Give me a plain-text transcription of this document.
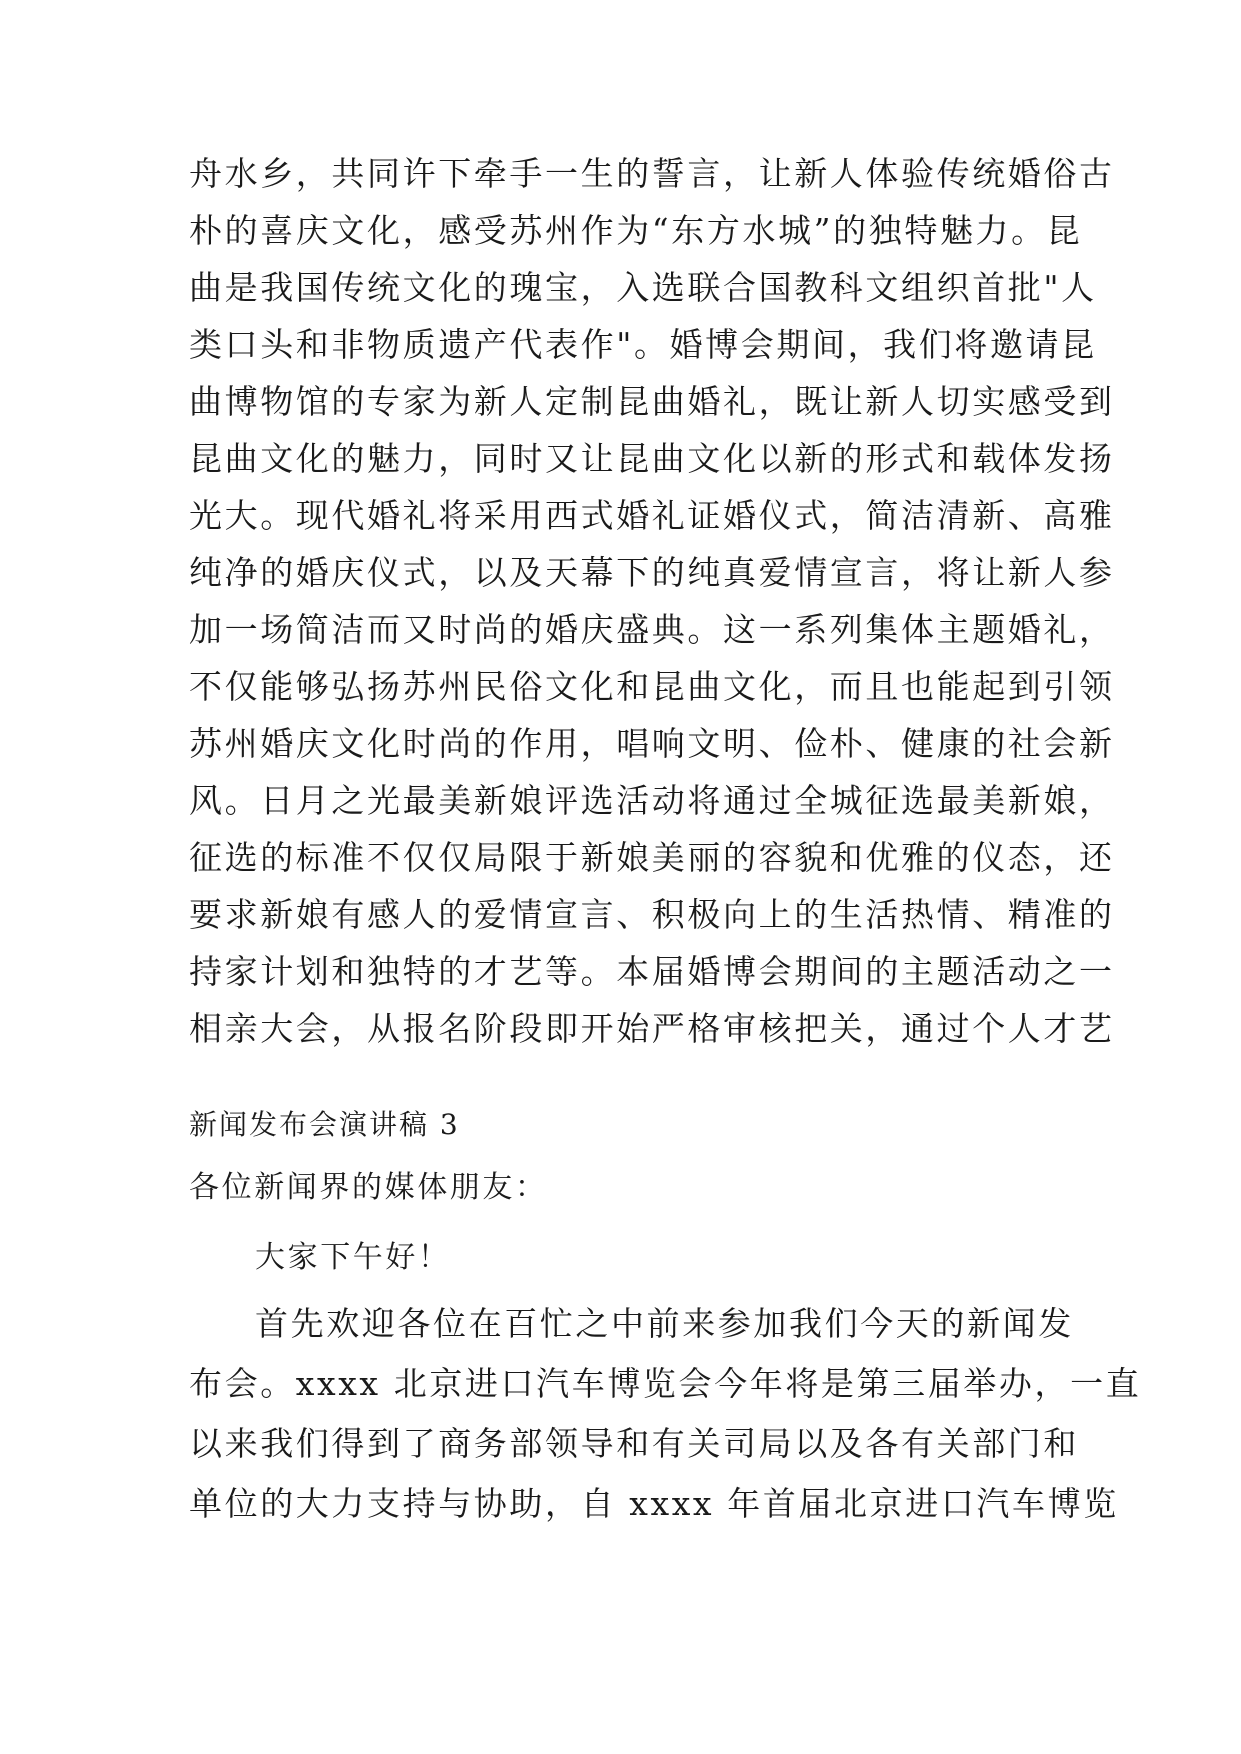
舟水乡，共同许下牵手一生的誓言，让新人体验传统婚俗古

朴的喜庆文化，感受苏州作为“东方水城”的独特魅力。昆

曲是我国传统文化的瑰宝，入选联合国教科文组织首批"人

类口头和非物质遗产代表作"。婚博会期间，我们将邀请昆

曲博物馆的专家为新人定制昆曲婚礼，既让新人切实感受到

昆曲文化的魅力，同时又让昆曲文化以新的形式和载体发扬

光大。现代婚礼将采用西式婚礼证婚仪式，简洁清新、高雅

纯净的婚庆仪式，以及天幕下的纯真爱情宣言，将让新人参

加一场简洁而又时尚的婚庆盛典。这一系列集体主题婚礼，

不仅能够弘扬苏州民俗文化和昆曲文化，而且也能起到引领

苏州婚庆文化时尚的作用，唱响文明、俭朴、健康的社会新

风。日月之光最美新娘评选活动将通过全城征选最美新娘，

征选的标准不仅仅局限于新娘美丽的容貌和优雅的仪态，还

要求新娘有感人的爱情宣言、积极向上的生活热情、精准的

持家计划和独特的才艺等。本届婚博会期间的主题活动之一

相亲大会，从报名阶段即开始严格审核把关，通过个人才艺

新闻发布会演讲稿 3

各位新闻界的媒体朋友：

大家下午好！

首先欢迎各位在百忙之中前来参加我们今天的新闻发

布会。xxxx 北京进口汽车博览会今年将是第三届举办，一直

以来我们得到了商务部领导和有关司局以及各有关部门和

单位的大力支持与协助，自 xxxx 年首届北京进口汽车博览
